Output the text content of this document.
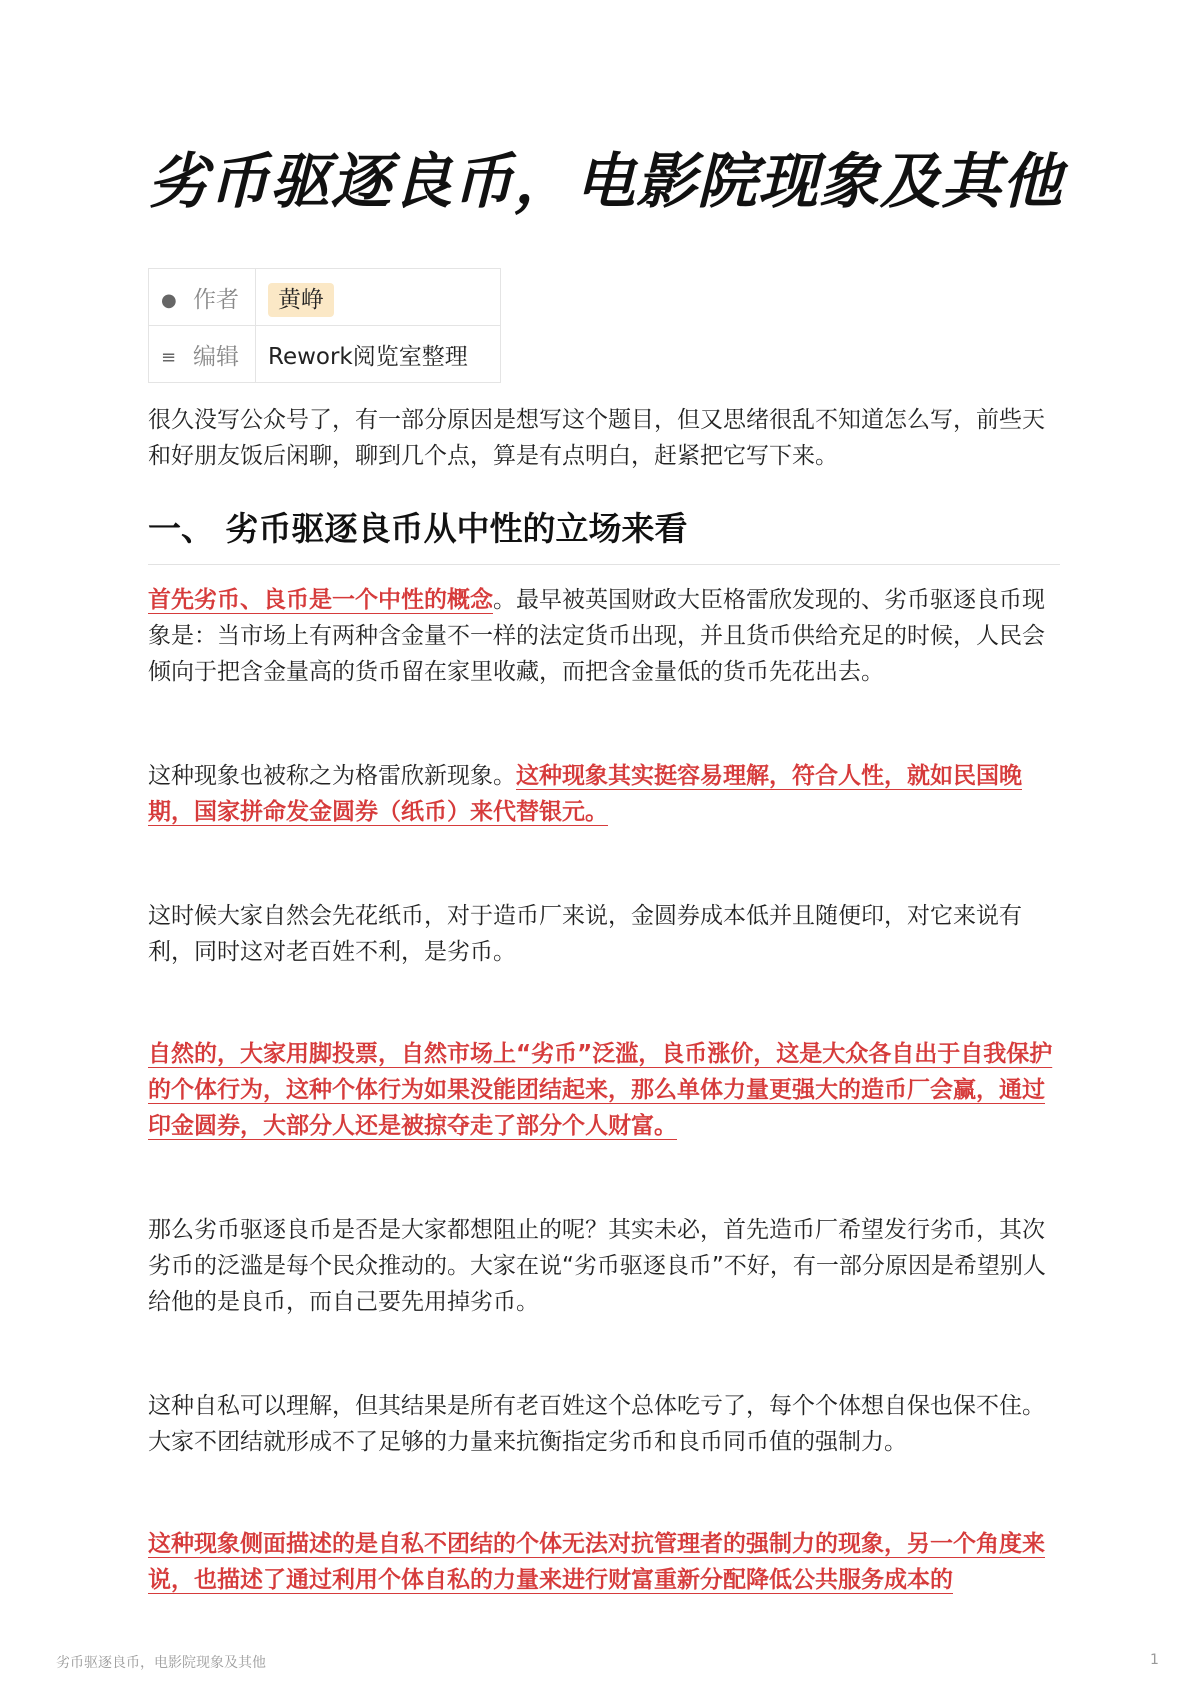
劣币驱逐良币，电影院现象及其他
● 作者	黄峥
≡ 编辑	Rework阅览室整理

很久没写公众号了，有一部分原因是想写这个题目，但又思绪很乱不知道怎么写，前些天和好朋友饭后闲聊，聊到几个点，算是有点明白，赶紧把它写下来。

一、 劣币驱逐良币从中性的立场来看

首先劣币、良币是一个中性的概念。最早被英国财政大臣格雷欣发现的、劣币驱逐良币现象是：当市场上有两种含金量不一样的法定货币出现，并且货币供给充足的时候，人民会倾向于把含金量高的货币留在家里收藏，而把含金量低的货币先花出去。

这种现象也被称之为格雷欣新现象。这种现象其实挺容易理解，符合人性，就如民国晚期，国家拼命发金圆券（纸币）来代替银元。

这时候大家自然会先花纸币，对于造币厂来说，金圆券成本低并且随便印，对它来说有利，同时这对老百姓不利，是劣币。

自然的，大家用脚投票，自然市场上“劣币”泛滥，良币涨价，这是大众各自出于自我保护的个体行为，这种个体行为如果没能团结起来，那么单体力量更强大的造币厂会赢，通过印金圆券，大部分人还是被掠夺走了部分个人财富。

那么劣币驱逐良币是否是大家都想阻止的呢？其实未必，首先造币厂希望发行劣币，其次劣币的泛滥是每个民众推动的。大家在说“劣币驱逐良币”不好，有一部分原因是希望别人给他的是良币，而自己要先用掉劣币。

这种自私可以理解，但其结果是所有老百姓这个总体吃亏了，每个个体想自保也保不住。大家不团结就形成不了足够的力量来抗衡指定劣币和良币同币值的强制力。

这种现象侧面描述的是自私不团结的个体无法对抗管理者的强制力的现象，另一个角度来说，也描述了通过利用个体自私的力量来进行财富重新分配降低公共服务成本的

劣币驱逐良币，电影院现象及其他	1
